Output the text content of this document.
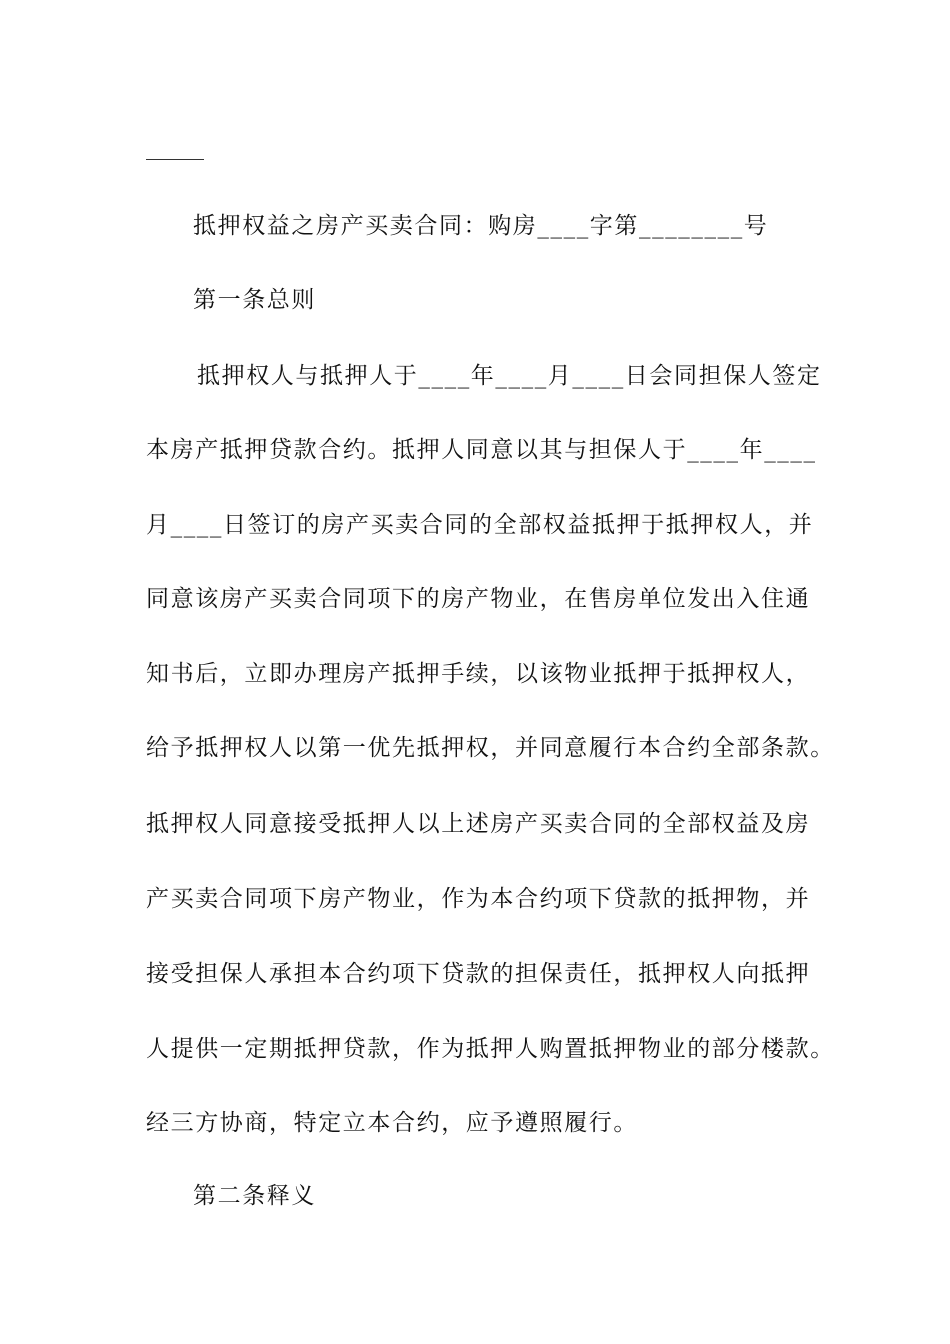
抵押权益之房产买卖合同：购房____字第________号
第一条总则
抵押权人与抵押人于____年____月____日会同担保人签定
本房产抵押贷款合约。抵押人同意以其与担保人于____年____
月____日签订的房产买卖合同的全部权益抵押于抵押权人，并
同意该房产买卖合同项下的房产物业，在售房单位发出入住通
知书后，立即办理房产抵押手续，以该物业抵押于抵押权人，
给予抵押权人以第一优先抵押权，并同意履行本合约全部条款。
抵押权人同意接受抵押人以上述房产买卖合同的全部权益及房
产买卖合同项下房产物业，作为本合约项下贷款的抵押物，并
接受担保人承担本合约项下贷款的担保责任，抵押权人向抵押
人提供一定期抵押贷款，作为抵押人购置抵押物业的部分楼款。
经三方协商，特定立本合约，应予遵照履行。
第二条释义
